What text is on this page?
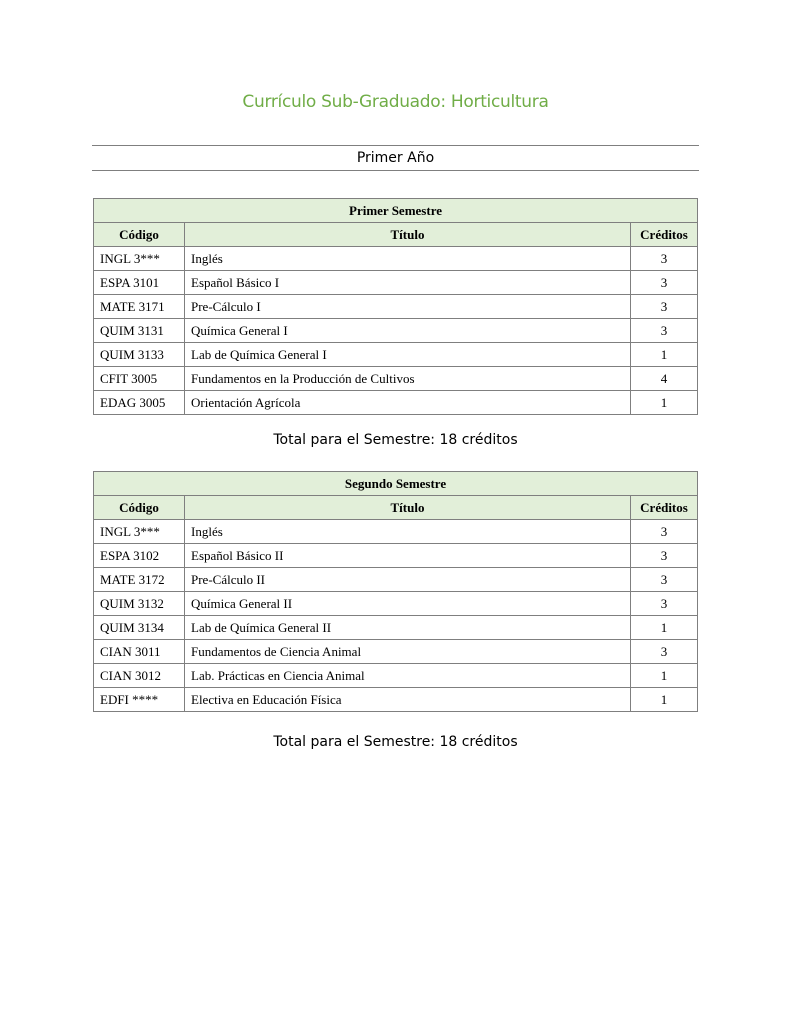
Currículo Sub-Graduado: Horticultura
Primer Año
Primer Semestre		
Código	Título	Créditos
INGL 3***	Inglés	3
ESPA 3101	Español Básico I	3
MATE 3171	Pre-Cálculo I	3
QUIM 3131	Química General I	3
QUIM 3133	Lab de Química General I	1
CFIT 3005	Fundamentos en la Producción de Cultivos	4
EDAG 3005	Orientación Agrícola	1
Total para el Semestre: 18 créditos
Segundo Semestre		
Código	Título	Créditos
INGL 3***	Inglés	3
ESPA 3102	Español Básico II	3
MATE 3172	Pre-Cálculo II	3
QUIM 3132	Química General II	3
QUIM 3134	Lab de Química General II	1
CIAN 3011	Fundamentos de Ciencia Animal	3
CIAN 3012	Lab. Prácticas en Ciencia Animal	1
EDFI ****	Electiva en Educación Física	1
Total para el Semestre: 18 créditos
